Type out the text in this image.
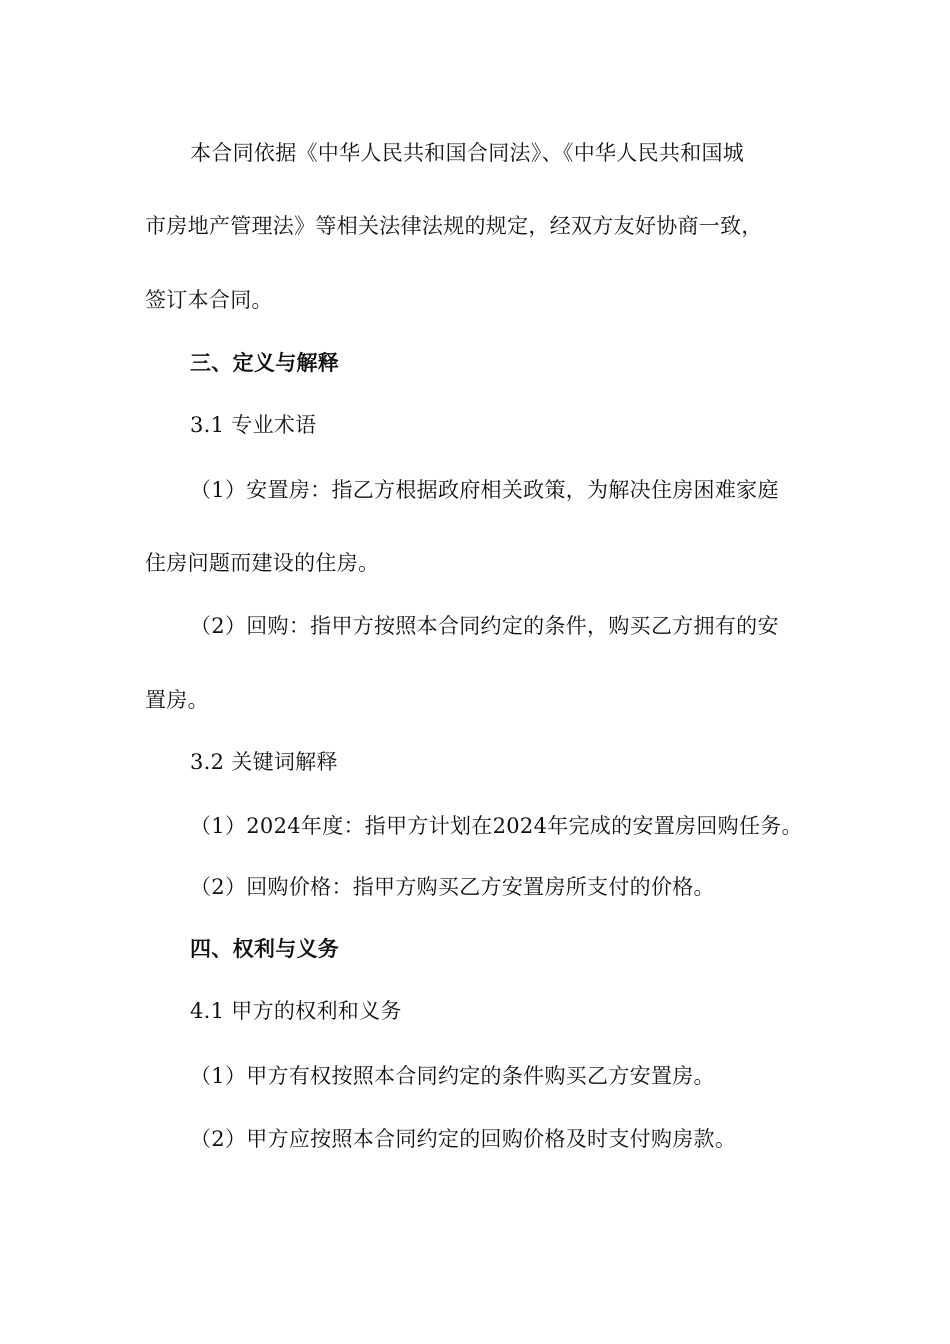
本合同依据《中华人民共和国合同法》、《中华人民共和国城
市房地产管理法》等相关法律法规的规定，经双方友好协商一致，
签订本合同。
三、定义与解释
3.1 专业术语
（1）安置房：指乙方根据政府相关政策，为解决住房困难家庭
住房问题而建设的住房。
（2）回购：指甲方按照本合同约定的条件，购买乙方拥有的安
置房。
3.2 关键词解释
（1）2024年度：指甲方计划在2024年完成的安置房回购任务。
（2）回购价格：指甲方购买乙方安置房所支付的价格。
四、权利与义务
4.1 甲方的权利和义务
（1）甲方有权按照本合同约定的条件购买乙方安置房。
（2）甲方应按照本合同约定的回购价格及时支付购房款。
